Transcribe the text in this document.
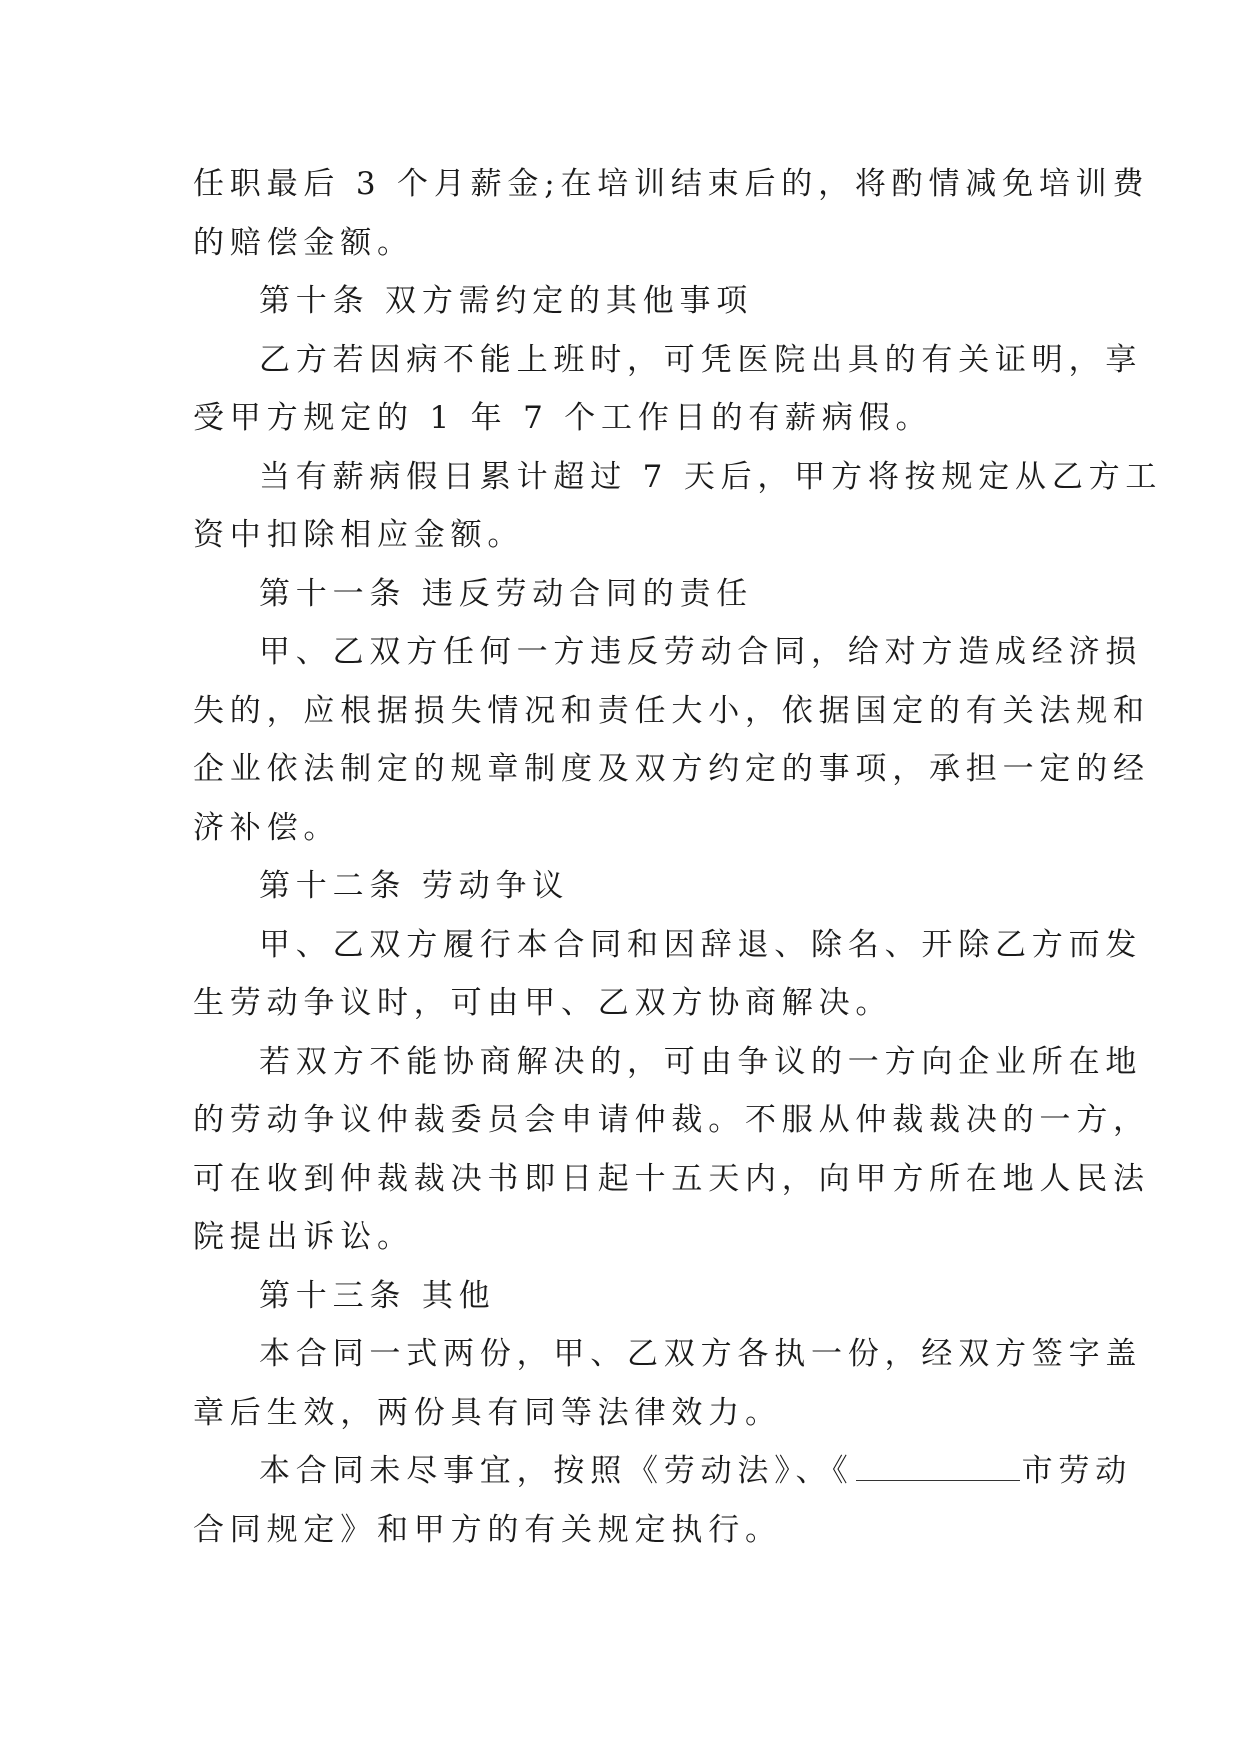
任职最后 3 个月薪金;在培训结束后的，将酌情减免培训费
的赔偿金额。
第十条 双方需约定的其他事项
乙方若因病不能上班时，可凭医院出具的有关证明，享
受甲方规定的 1 年 7 个工作日的有薪病假。
当有薪病假日累计超过 7 天后，甲方将按规定从乙方工
资中扣除相应金额。
第十一条 违反劳动合同的责任
甲、乙双方任何一方违反劳动合同，给对方造成经济损
失的，应根据损失情况和责任大小，依据国定的有关法规和
企业依法制定的规章制度及双方约定的事项，承担一定的经
济补偿。
第十二条 劳动争议
甲、乙双方履行本合同和因辞退、除名、开除乙方而发
生劳动争议时，可由甲、乙双方协商解决。
若双方不能协商解决的，可由争议的一方向企业所在地
的劳动争议仲裁委员会申请仲裁。不服从仲裁裁决的一方，
可在收到仲裁裁决书即日起十五天内，向甲方所在地人民法
院提出诉讼。
第十三条 其他
本合同一式两份，甲、乙双方各执一份，经双方签字盖
章后生效，两份具有同等法律效力。
本合同未尽事宜，按照《劳动法》、《	市劳动
合同规定》和甲方的有关规定执行。
